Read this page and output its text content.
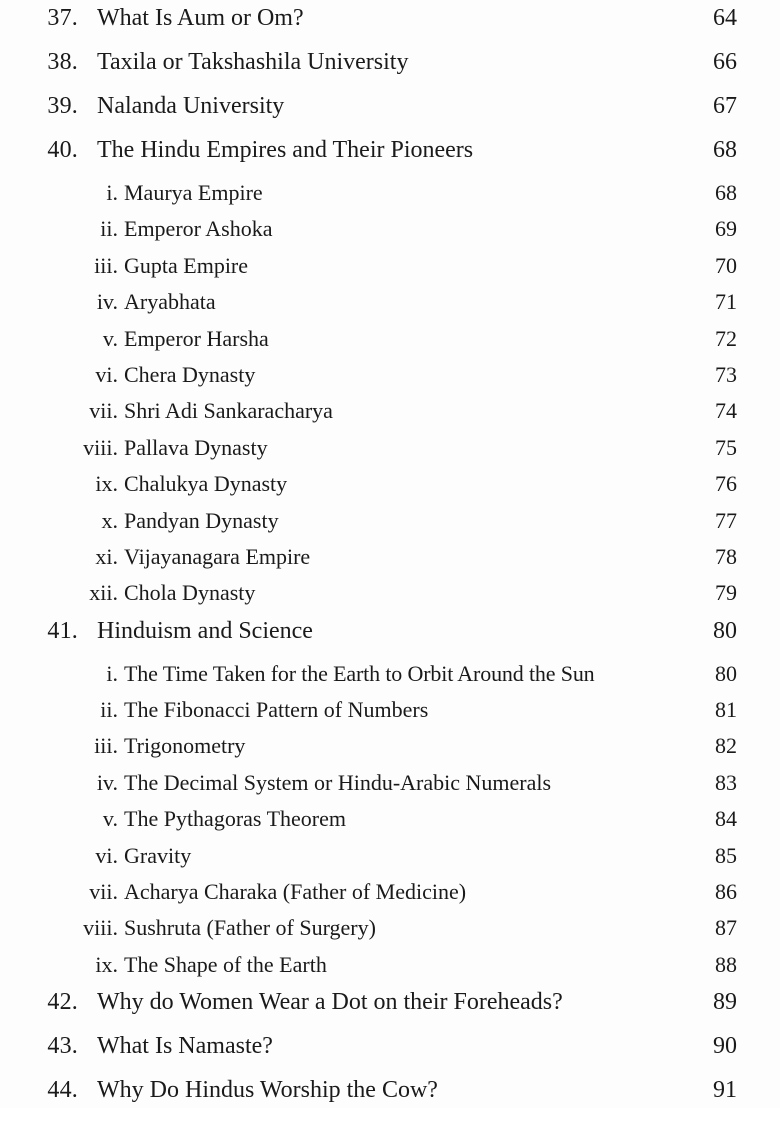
37. What Is Aum or Om?	64
38. Taxila or Takshashila University	66
39. Nalanda University	67
40. The Hindu Empires and Their Pioneers	68
i. Maurya Empire	68
ii. Emperor Ashoka	69
iii. Gupta Empire	70
iv. Aryabhata	71
v. Emperor Harsha	72
vi. Chera Dynasty	73
vii. Shri Adi Sankaracharya	74
viii. Pallava Dynasty	75
ix. Chalukya Dynasty	76
x. Pandyan Dynasty	77
xi. Vijayanagara Empire	78
xii. Chola Dynasty	79
41. Hinduism and Science	80
i. The Time Taken for the Earth to Orbit Around the Sun	80
ii. The Fibonacci Pattern of Numbers	81
iii. Trigonometry	82
iv. The Decimal System or Hindu-Arabic Numerals	83
v. The Pythagoras Theorem	84
vi. Gravity	85
vii. Acharya Charaka (Father of Medicine)	86
viii. Sushruta (Father of Surgery)	87
ix. The Shape of the Earth	88
42. Why do Women Wear a Dot on their Foreheads?	89
43. What Is Namaste?	90
44. Why Do Hindus Worship the Cow?	91
